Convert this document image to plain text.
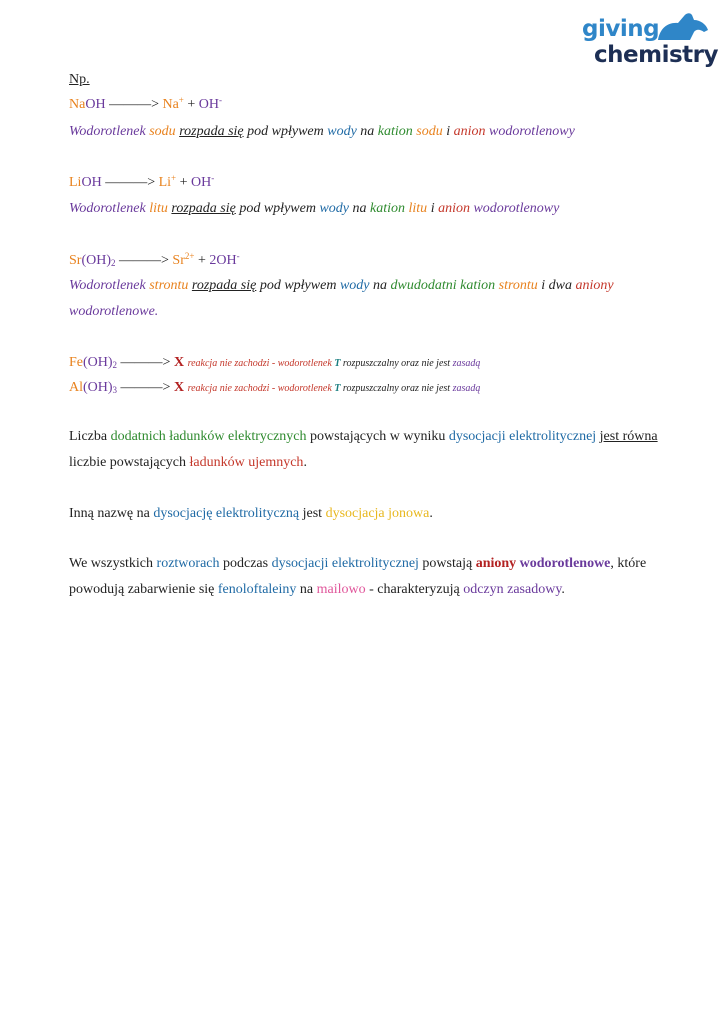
giving
chemistry
Np.
NaOH ———> Na+ + OH-
Wodorotlenek sodu rozpada się pod wpływem wody na kation sodu i anion wodorotlenowy
LiOH ———> Li+ + OH-
Wodorotlenek litu rozpada się pod wpływem wody na kation litu i anion wodorotlenowy
$Sr(OH)_2$ ———> $Sr^{2+} + 2OH^-$
Wodorotlenek strontu rozpada się pod wpływem wody na dwudodatni kation strontu i dwa aniony
wodorotlenowe.
$Fe(OH)_2$ ———> X reakcja nie zachodzi - wodorotlenek T rozpuszczalny oraz nie jest zasadą
$Al(OH)_3$ ———> X reakcja nie zachodzi - wodorotlenek T rozpuszczalny oraz nie jest zasadą
Liczba dodatnich ładunków elektrycznych powstających w wyniku dysocjacji elektrolitycznej jest równa liczbie powstających ładunków ujemnych.
Inną nazwę na dysocjację elektrolityczną jest dysocjacja jonowa.
We wszystkich roztworach podczas dysocjacji elektrolitycznej powstają aniony wodorotlenowe, które powodują zabarwienie się fenoloftaleiny na mailowo - charakteryzują odczyn zasadowy.
